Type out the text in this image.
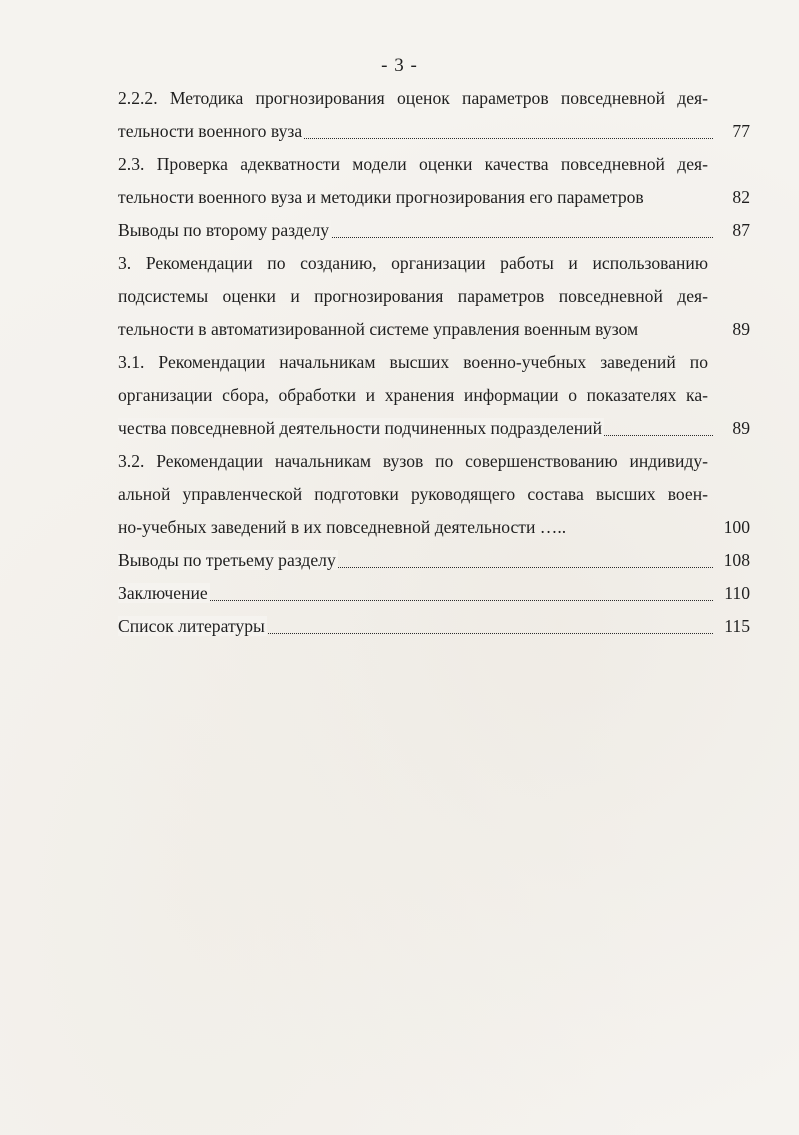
- 3 -
2.2.2. Методика прогнозирования оценок параметров повседневной дея-
тельности военного вуза	77
2.3. Проверка адекватности модели оценки качества повседневной дея-
тельности военного вуза и методики прогнозирования его параметров	82
Выводы по второму разделу	87
3. Рекомендации по созданию, организации работы и использованию
подсистемы оценки и прогнозирования параметров повседневной дея-
тельности в автоматизированной системе управления военным вузом	89
3.1. Рекомендации начальникам высших военно-учебных заведений по
организации сбора, обработки и хранения информации о показателях ка-
чества повседневной деятельности подчиненных подразделений	89
3.2. Рекомендации начальникам вузов по совершенствованию индивиду-
альной управленческой подготовки руководящего состава высших воен-
но-учебных заведений в их повседневной деятельности …..	100
Выводы по третьему разделу	108
Заключение	110
Список литературы	115
